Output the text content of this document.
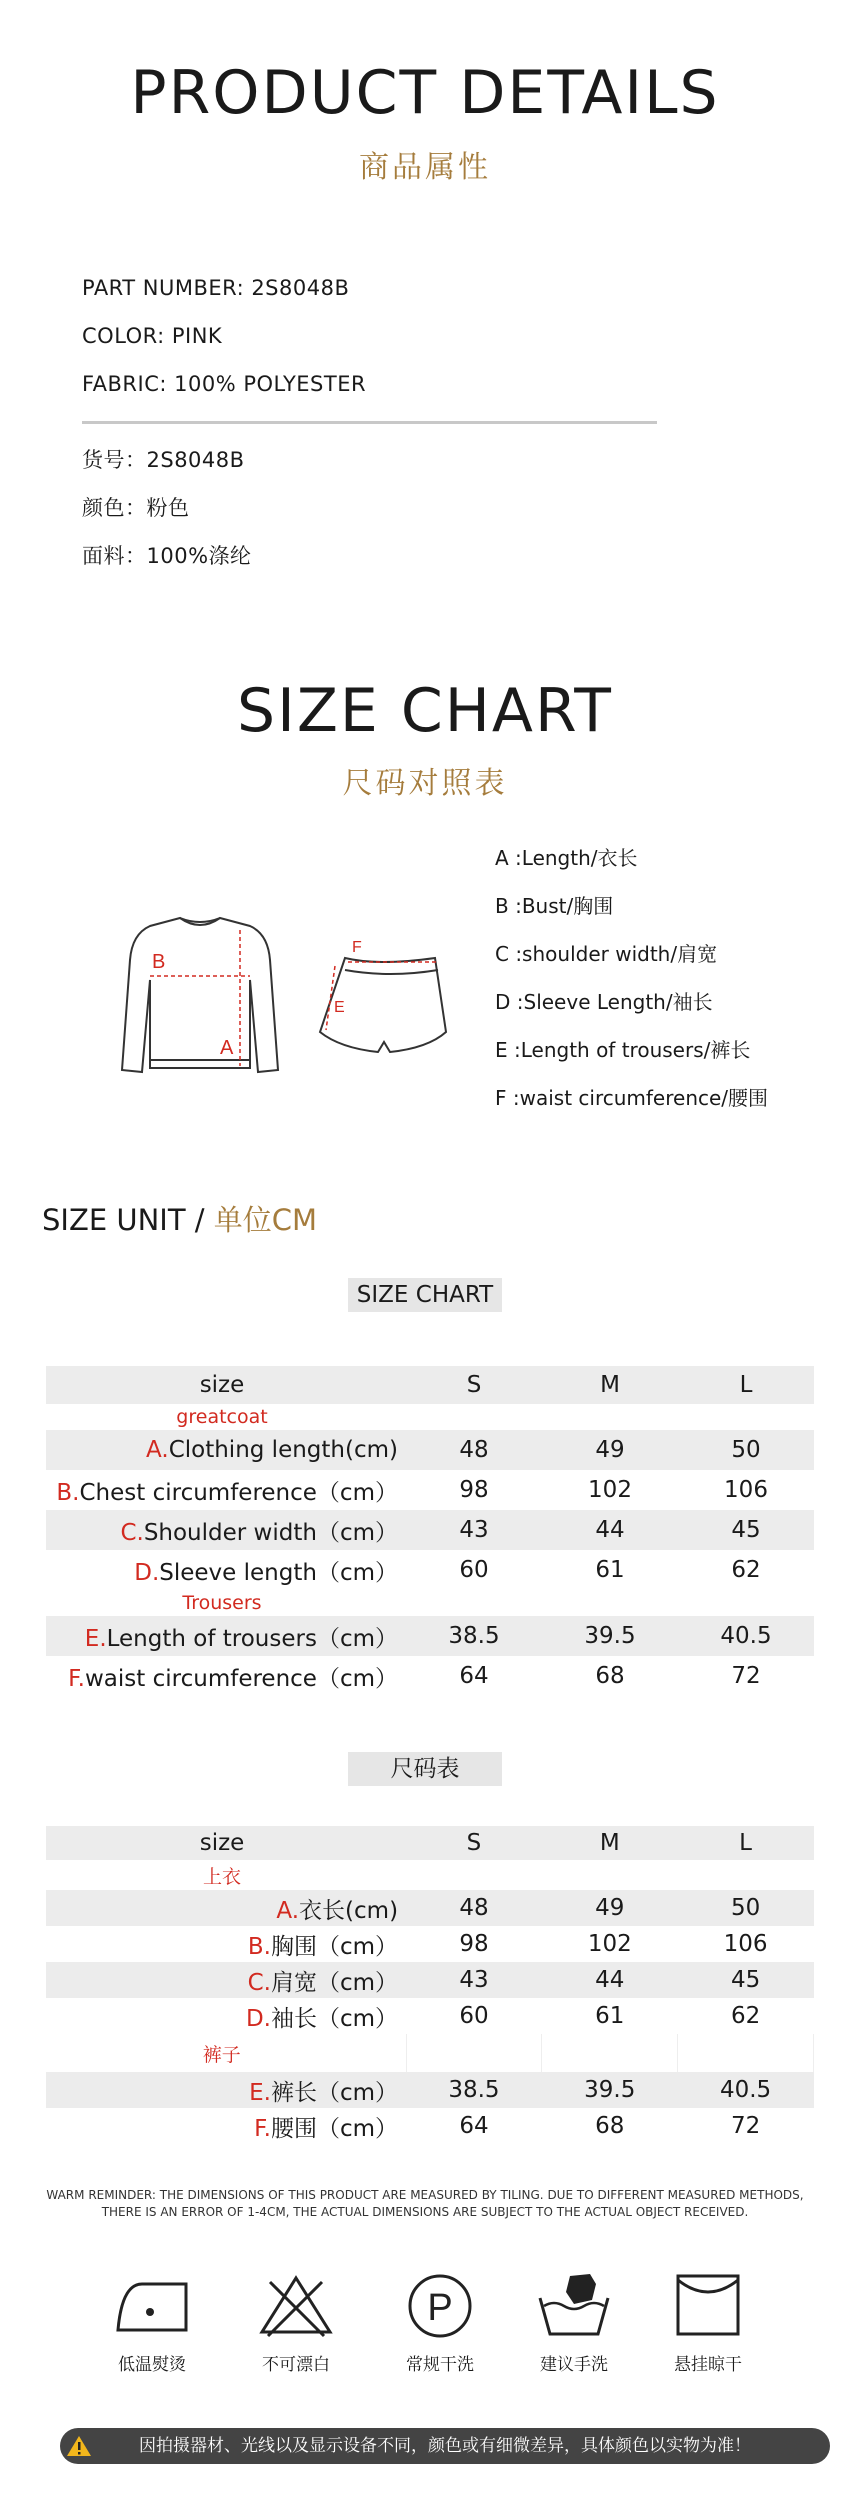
PRODUCT DETAILS
商品属性
PART NUMBER: 2S8048B
COLOR: PINK
FABRIC: 100% POLYESTER
货号：2S8048B
颜色：粉色
面料：100%涤纶
SIZE CHART
尺码对照表
B
A
F
E
A :Length/衣长
B :Bust/胸围
C :shoulder width/肩宽
D :Sleeve Length/袖长
E :Length of trousers/裤长
F :waist circumference/腰围
SIZE UNIT / 单位CM
SIZE CHART
size	S	M	L
greatcoat			
A.Clothing length(cm)	48	49	50
B.Chest circumference（cm）	98	102	106
C.Shoulder width（cm）	43	44	45
D.Sleeve length（cm）	60	61	62
Trousers			
E.Length of trousers（cm）	38.5	39.5	40.5
F.waist circumference（cm）	64	68	72
尺码表
size	S	M	L
上衣			
A.衣长(cm)	48	49	50
B.胸围（cm）	98	102	106
C.肩宽（cm）	43	44	45
D.袖长（cm）	60	61	62
裤子			
E.裤长（cm）	38.5	39.5	40.5
F.腰围（cm）	64	68	72
WARM REMINDER: THE DIMENSIONS OF THIS PRODUCT ARE MEASURED BY TILING. DUE TO DIFFERENT MEASURED METHODS,
THERE IS AN ERROR OF 1-4CM, THE ACTUAL DIMENSIONS ARE SUBJECT TO THE ACTUAL OBJECT RECEIVED.
低温熨烫	不可漂白
P
常规干洗	建议手洗	悬挂晾干
因拍摄器材、光线以及显示设备不同，颜色或有细微差异，具体颜色以实物为准！
